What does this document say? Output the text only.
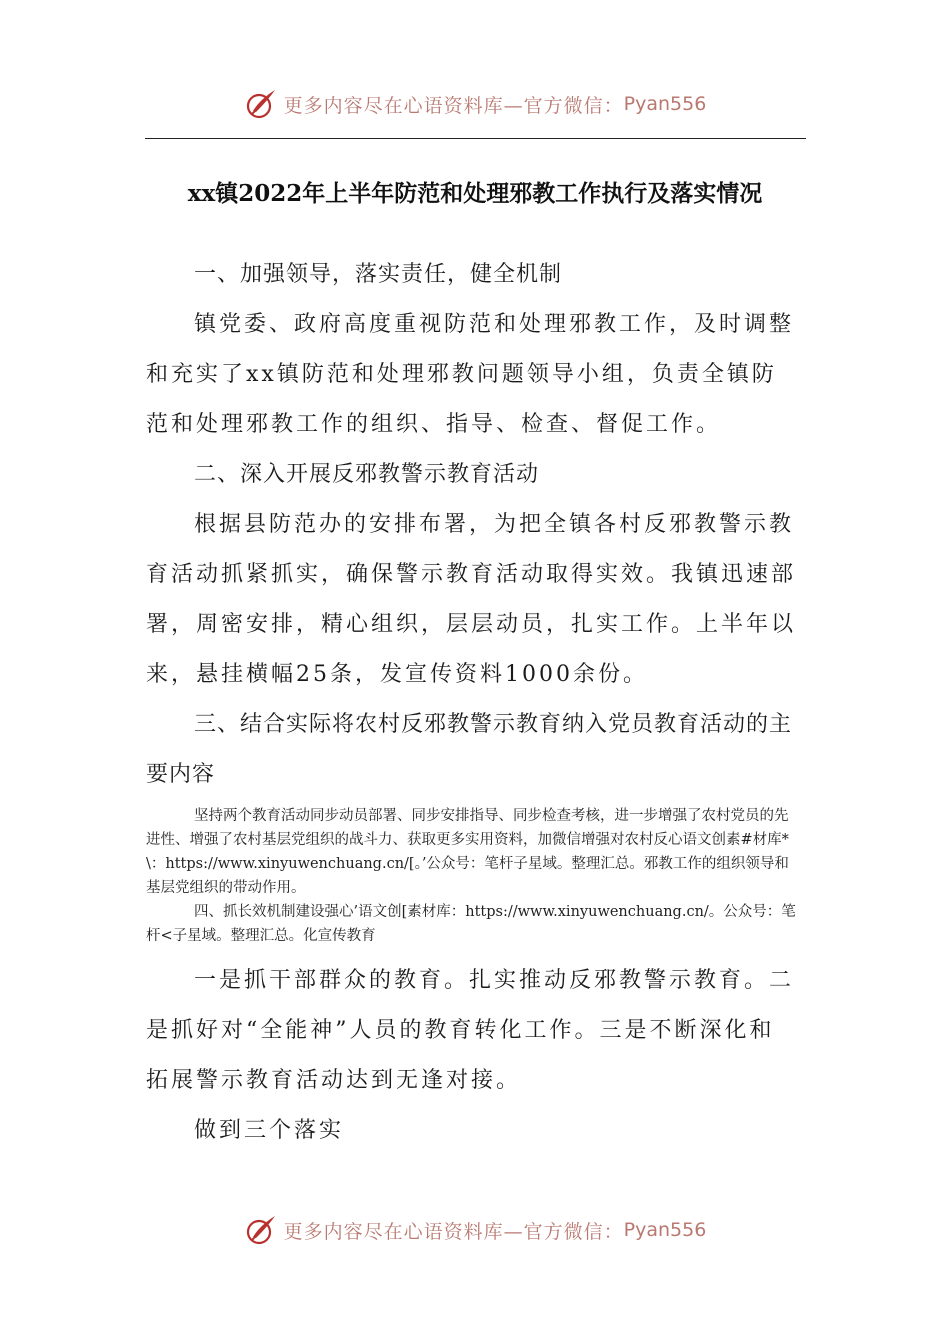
更多内容尽在心语资料库—官方微信： Pyan556
xx镇2022年上半年防范和处理邪教工作执行及落实情况

一、加强领导，落实责任，健全机制

镇党委、政府高度重视防范和处理邪教工作，及时调整和充实了xx镇防范和处理邪教问题领导小组，负责全镇防范和处理邪教工作的组织、指导、检查、督促工作。

二、深入开展反邪教警示教育活动

根据县防范办的安排布署，为把全镇各村反邪教警示教育活动抓紧抓实，确保警示教育活动取得实效。我镇迅速部署，周密安排，精心组织，层层动员，扎实工作。上半年以来，悬挂横幅25条，发宣传资料1000余份。

三、结合实际将农村反邪教警示教育纳入党员教育活动的主要内容

坚持两个教育活动同步动员部署、同步安排指导、同步检查考核，进一步增强了农村党员的先进性、增强了农村基层党组织的战斗力、获取更多实用资料，加微信增强对农村反心语文创素#材库*\：https://www.xinyuwenchuang.cn/[。’公众号：笔杆子星域。整理汇总。邪教工作的组织领导和基层党组织的带动作用。

四、抓长效机制建设强心’语文创[素材库：https://www.xinyuwenchuang.cn/。公众号：笔杆<子星域。整理汇总。化宣传教育

一是抓干部群众的教育。扎实推动反邪教警示教育。二是抓好对“全能神”人员的教育转化工作。三是不断深化和拓展警示教育活动达到无逢对接。

做到三个落实

更多内容尽在心语资料库—官方微信： Pyan556
